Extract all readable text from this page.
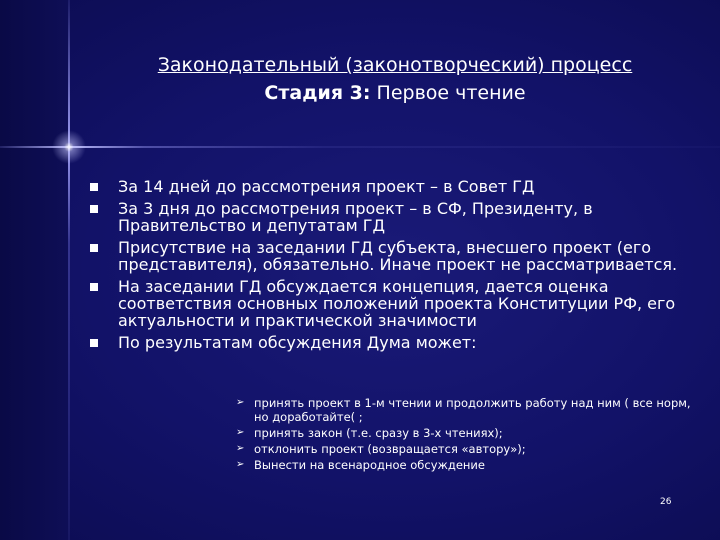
Законодательный (законотворческий) процесс
Стадия 3: Первое чтение
За 14 дней до рассмотрения проект – в Совет ГД
За 3 дня до рассмотрения проект – в СФ, Президенту, в Правительство и депутатам ГД
Присутствие на заседании ГД субъекта, внесшего проект (его представителя), обязательно. Иначе проект не рассматривается.
На заседании ГД обсуждается концепция, дается оценка соответствия основных положений проекта Конституции РФ, его актуальности и практической значимости
По результатам обсуждения Дума может:
➢ принять проект в 1-м чтении и продолжить работу над ним ( все норм, но доработайте( ;
➢ принять закон (т.е. сразу в 3-х чтениях);
➢ отклонить проект (возвращается «автору»);
➢ Вынести на всенародное обсуждение
26
